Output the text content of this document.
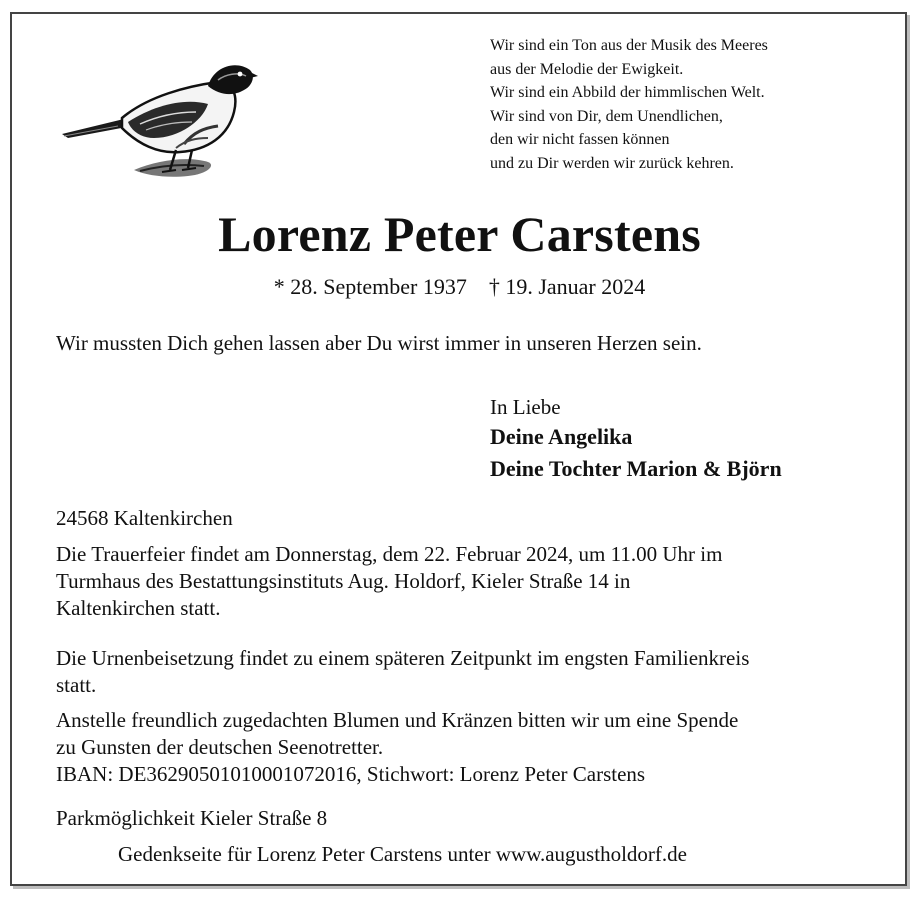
Wir sind ein Ton aus der Musik des Meeres
aus der Melodie der Ewigkeit.
Wir sind ein Abbild der himmlischen Welt.
Wir sind von Dir, dem Unendlichen,
den wir nicht fassen können
und zu Dir werden wir zurück kehren.
Lorenz Peter Carstens
* 28. September 1937 † 19. Januar 2024
Wir mussten Dich gehen lassen aber Du wirst immer in unseren Herzen sein.
In Liebe
Deine Angelika
Deine Tochter Marion & Björn
24568 Kaltenkirchen
Die Trauerfeier findet am Donnerstag, dem 22. Februar 2024, um 11.00 Uhr im
Turmhaus des Bestattungsinstituts Aug. Holdorf, Kieler Straße 14 in
Kaltenkirchen statt.
Die Urnenbeisetzung findet zu einem späteren Zeitpunkt im engsten Familienkreis
statt.
Anstelle freundlich zugedachten Blumen und Kränzen bitten wir um eine Spende
zu Gunsten der deutschen Seenotretter.
IBAN: DE36290501010001072016, Stichwort: Lorenz Peter Carstens
Parkmöglichkeit Kieler Straße 8
Gedenkseite für Lorenz Peter Carstens unter www.augustholdorf.de
